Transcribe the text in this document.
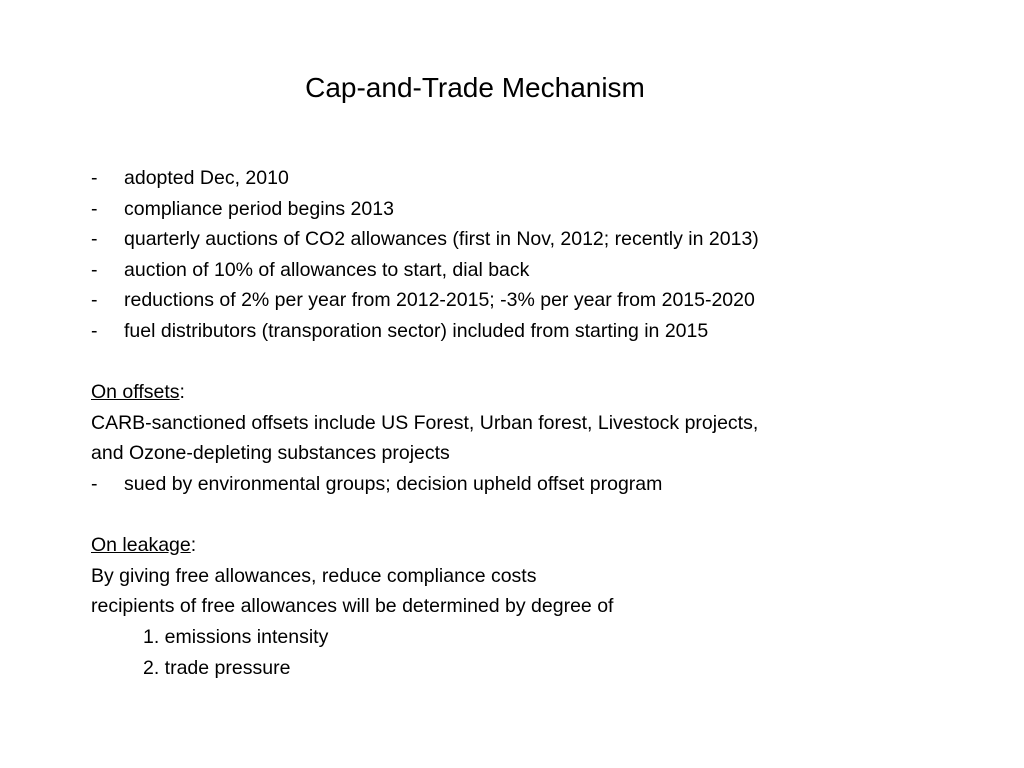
Cap-and-Trade Mechanism
-	adopted Dec, 2010
-	compliance period begins 2013
-	quarterly auctions of CO2 allowances (first in Nov, 2012; recently in 2013)
-	auction of 10% of allowances to start, dial back
-	reductions of 2% per year from 2012-2015; -3% per year from 2015-2020
-	fuel distributors (transporation sector) included from starting in 2015
On offsets:
CARB-sanctioned offsets include US Forest, Urban forest, Livestock projects,
and Ozone-depleting substances projects
-	sued by environmental groups; decision upheld offset program
On leakage:
By giving free allowances, reduce compliance costs
recipients of free allowances will be determined by degree of
1. emissions intensity
2. trade pressure
